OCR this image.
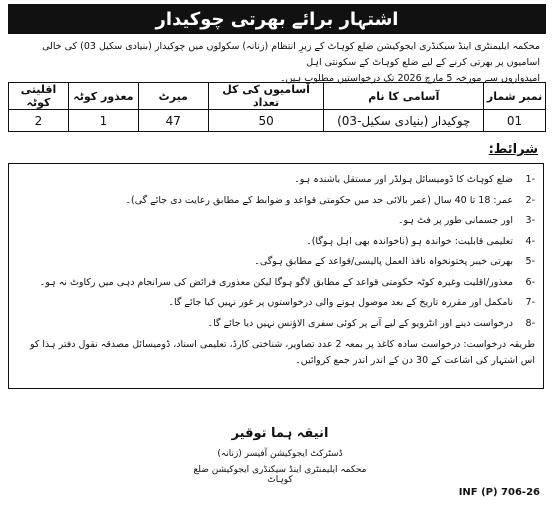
اشتہار برائے بھرتی چوکیدار
محکمہ ایلیمنٹری اینڈ سیکنڈری ایجوکیشن ضلع کوہاٹ کے زیرِ انتظام (زنانہ) سکولوں میں چوکیدار (بنیادی سکیل 03) کی خالی اسامیوں پر بھرتی کرنے کے لیے ضلع کوہاٹ کے سکونتی اہل
امیدواروں سے مورخہ 5 مارچ 2026 تک درخواستیں مطلوب ہیں۔
نمبر شمار	آسامی کا نام	آسامیوں کی کل تعداد	میرٹ	معذور کوٹہ	اقلیتی کوٹہ
01	چوکیدار (بنیادی سکیل-03)	50	47	1	2
شرائط:
-1
ضلع کوہاٹ کا ڈومیسائل ہولڈر اور مستقل باشندہ ہو۔
-2
عمر: 18 تا 40 سال (عمر بالائی حد میں حکومتی قواعد و ضوابط کے مطابق رعایت دی جائے گی)۔
-3
اور جسمانی طور پر فٹ ہو۔
-4
تعلیمی قابلیت: خواندہ ہو (ناخواندہ بھی اہل ہوگا)۔
-5
بھرتی خیبر پختونخواہ نافذ العمل پالیسی/قواعد کے مطابق ہوگی۔
-6
معذور/اقلیت وغیرہ کوٹہ حکومتی قواعد کے مطابق لاگو ہوگا لیکن معذوری فرائض کی سرانجام دہی میں رکاوٹ نہ ہو۔
-7
نامکمل اور مقررہ تاریخ کے بعد موصول ہونے والی درخواستوں پر غور نہیں کیا جائے گا۔
-8
درخواست دینے اور انٹرویو کے لیے آنے پر کوئی سفری الاؤنس نہیں دیا جائے گا۔
طریقہ درخواست: درخواست سادہ کاغذ پر بمعہ 2 عدد تصاویر، شناختی کارڈ، تعلیمی اسناد، ڈومیسائل مصدقہ نقول دفتر ہذا کو اس اشتہار کی اشاعت کے 30 دن کے اندر اندر جمع کروائیں۔
انیقہ ہما توقیر
ڈسٹرکٹ ایجوکیشن آفیسر (زنانہ)
محکمہ ایلیمنٹری اینڈ سیکنڈری ایجوکیشن ضلع کوہاٹ
INF (P) 706-26
